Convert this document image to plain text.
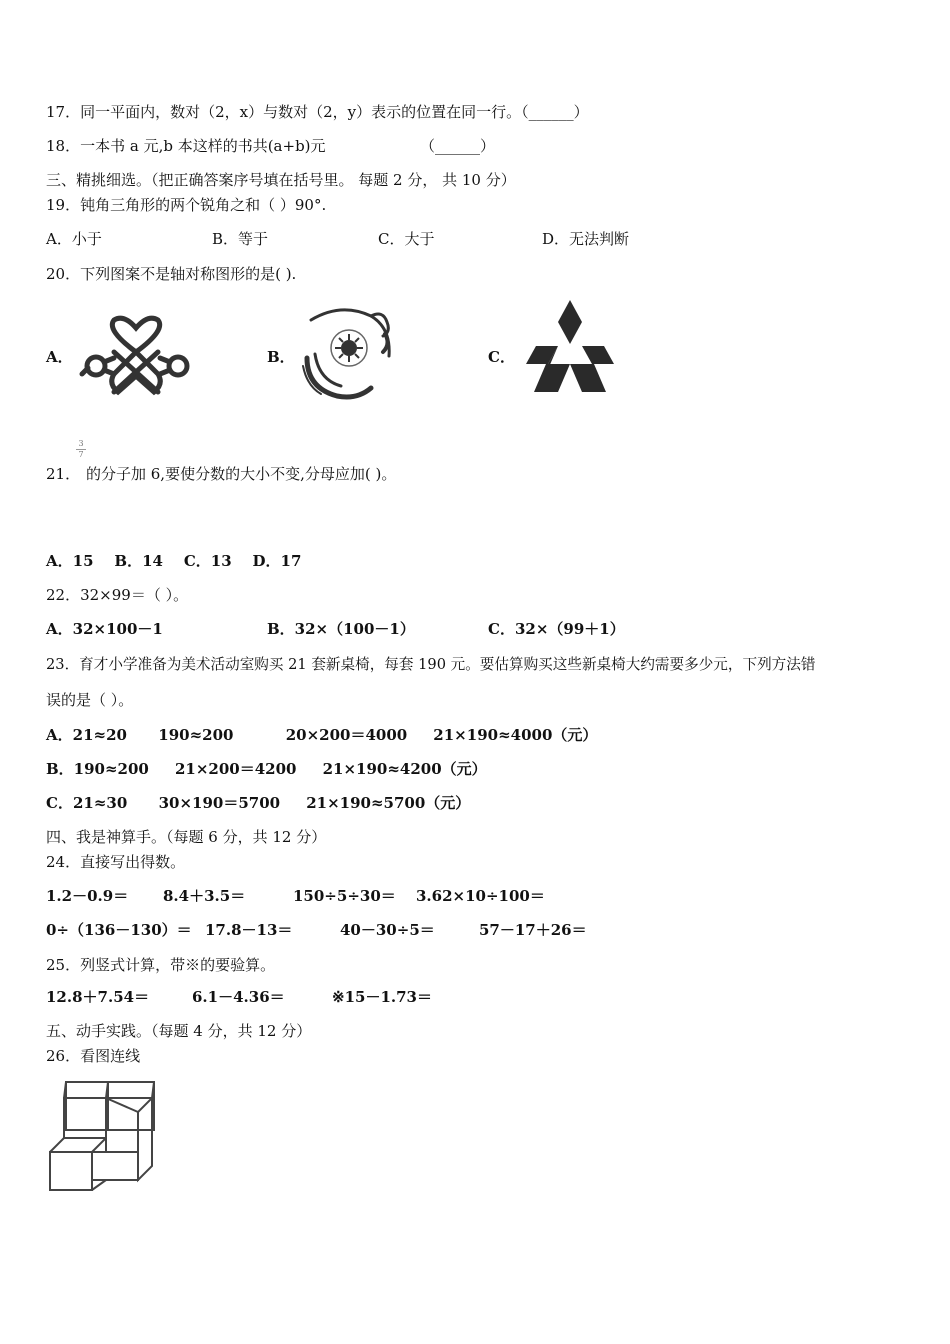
17．同一平面内，数对（2，x）与数对（2，y）表示的位置在同一行。（______）
18．一本书 a 元,b 本这样的书共(a+b)元	（______）
三、精挑细选。（把正确答案序号填在括号里。 每题 2 分， 共 10 分）
19．钝角三角形的两个锐角之和（ ）90°.
A．小于	B．等于	C．大于	D．无法判断
20．下列图案不是轴对称图形的是( ).
A．	B．	C．
21．
3
7
的分子加 6,要使分数的大小不变,分母应加( )。
A．15    B．14    C．13    D．17
22．32×99＝（ ）。
A．32×100－1	B．32×（100－1）	C．32×（99＋1）
23．育才小学准备为美术活动室购买 21 套新桌椅，每套 190 元。要估算购买这些新桌椅大约需要多少元，下列方法错
误的是（ ）。
A．21≈20      190≈200          20×200＝4000     21×190≈4000（元）
B．190≈200     21×200＝4200     21×190≈4200（元）
C．21≈30      30×190＝5700     21×190≈5700（元）
四、我是神算手。（每题 6 分，共 12 分）
24．直接写出得数。
1.2－0.9＝ 8.4＋3.5＝	150÷5÷30＝ 3.62×10÷100＝
0÷（136－130）＝ 17.8－13＝	40－30÷5＝	57－17＋26＝
25．列竖式计算，带※的要验算。
12.8＋7.54＝	6.1－4.36＝	※15－1.73＝
五、动手实践。（每题 4 分，共 12 分）
26．看图连线
